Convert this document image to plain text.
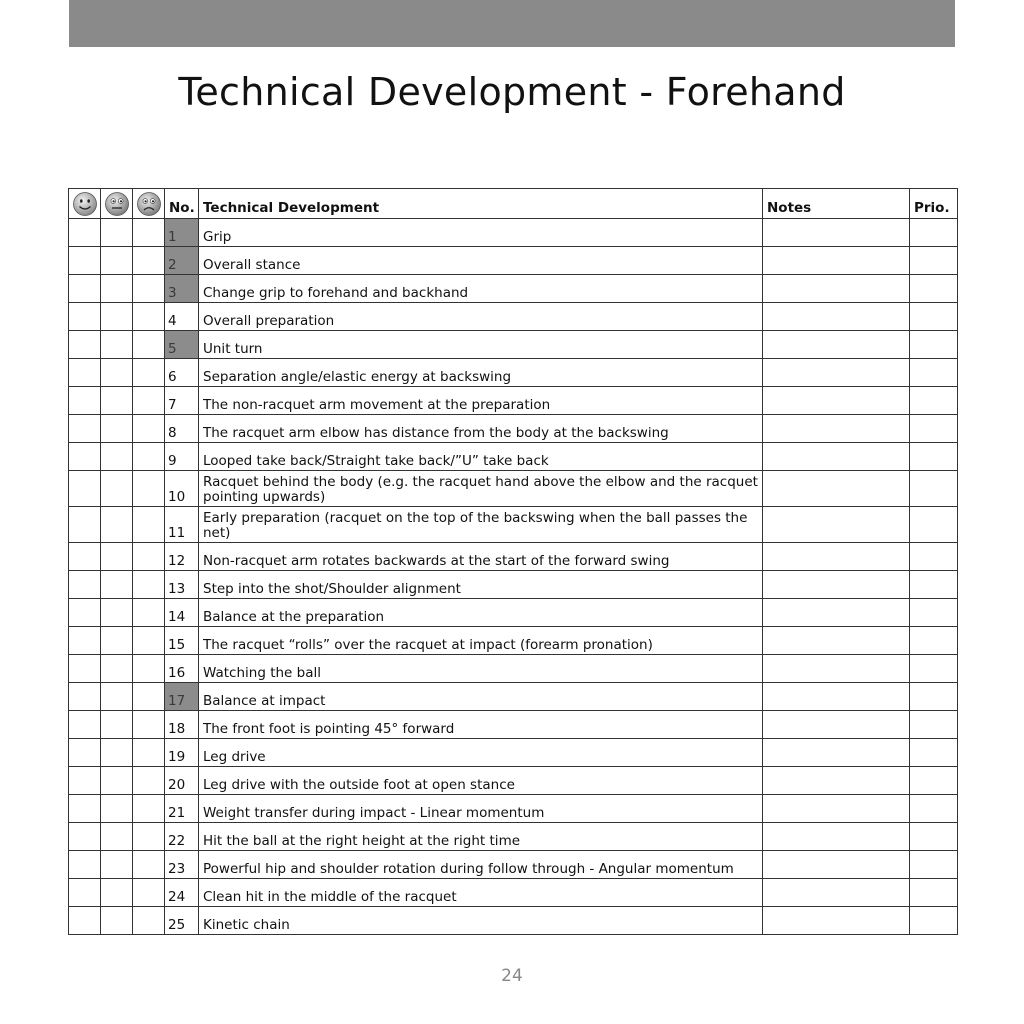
Technical Development - Forehand

	No.	Technical Development	Notes	Prio.
			1	Grip		
			2	Overall stance		
			3	Change grip to forehand and backhand		
			4	Overall preparation		
			5	Unit turn		
			6	Separation angle/elastic energy at backswing		
			7	The non-racquet arm movement at the preparation		
			8	The racquet arm elbow has distance from the body at the backswing		
			9	Looped take back/Straight take back/”U” take back		
			10	Racquet behind the body (e.g. the racquet hand above the elbow and the racquet pointing upwards)		
			11	Early preparation (racquet on the top of the backswing when the ball passes the net)		
			12	Non-racquet arm rotates backwards at the start of the forward swing		
			13	Step into the shot/Shoulder alignment		
			14	Balance at the preparation		
			15	The racquet “rolls” over the racquet at impact (forearm pronation)		
			16	Watching the ball		
			17	Balance at impact		
			18	The front foot is pointing 45° forward		
			19	Leg drive		
			20	Leg drive with the outside foot at open stance		
			21	Weight transfer during impact - Linear momentum		
			22	Hit the ball at the right height at the right time		
			23	Powerful hip and shoulder rotation during follow through - Angular momentum		
			24	Clean hit in the middle of the racquet		
			25	Kinetic chain		
24
